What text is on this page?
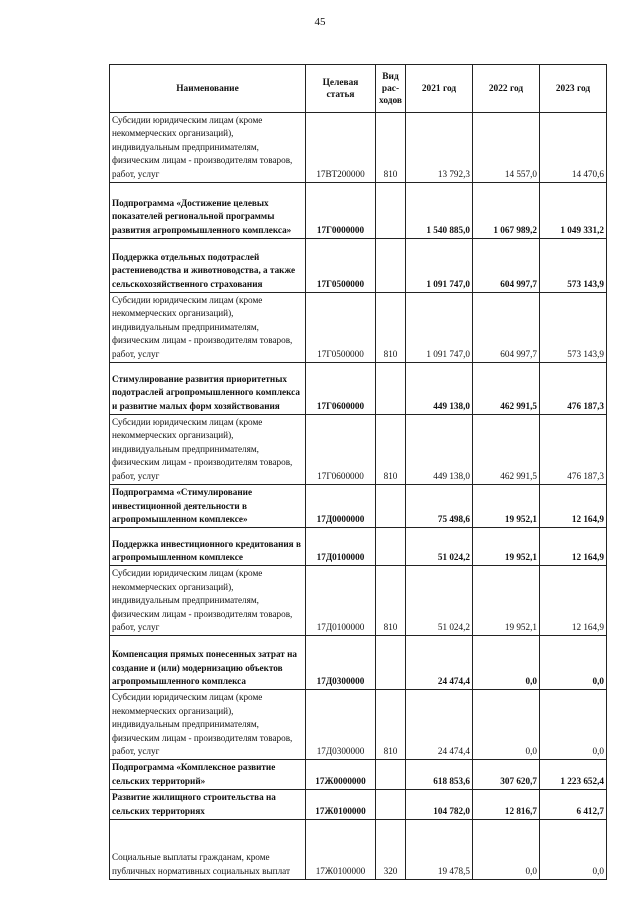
45
Наименование	Целевая статья	Вид рас-ходов	2021 год	2022 год	2023 год
Субсидии юридическим лицам (кроме некоммерческих организаций), индивидуальным предпринимателям, физическим лицам - производителям товаров, работ, услуг	17ВТ200000	810	13 792,3	14 557,0	14 470,6
Подпрограмма «Достижение целевых показателей региональной программы развития агропромышленного комплекса»	17Г0000000		1 540 885,0	1 067 989,2	1 049 331,2
Поддержка отдельных подотраслей растениеводства и животноводства, а также сельскохозяйственного страхования	17Г0500000		1 091 747,0	604 997,7	573 143,9
Субсидии юридическим лицам (кроме некоммерческих организаций), индивидуальным предпринимателям, физическим лицам - производителям товаров, работ, услуг	17Г0500000	810	1 091 747,0	604 997,7	573 143,9
Стимулирование развития приоритетных подотраслей агропромышленного комплекса и развитие малых форм хозяйствования	17Г0600000		449 138,0	462 991,5	476 187,3
Субсидии юридическим лицам (кроме некоммерческих организаций), индивидуальным предпринимателям, физическим лицам - производителям товаров, работ, услуг	17Г0600000	810	449 138,0	462 991,5	476 187,3
Подпрограмма «Стимулирование инвестиционной деятельности в агропромышленном комплексе»	17Д0000000		75 498,6	19 952,1	12 164,9
Поддержка инвестиционного кредитования в агропромышленном комплексе	17Д0100000		51 024,2	19 952,1	12 164,9
Субсидии юридическим лицам (кроме некоммерческих организаций), индивидуальным предпринимателям, физическим лицам - производителям товаров, работ, услуг	17Д0100000	810	51 024,2	19 952,1	12 164,9
Компенсация прямых понесенных затрат на создание и (или) модернизацию объектов агропромышленного комплекса	17Д0300000		24 474,4	0,0	0,0
Субсидии юридическим лицам (кроме некоммерческих организаций), индивидуальным предпринимателям, физическим лицам - производителям товаров, работ, услуг	17Д0300000	810	24 474,4	0,0	0,0
Подпрограмма «Комплексное развитие сельских территорий»	17Ж0000000		618 853,6	307 620,7	1 223 652,4
Развитие жилищного строительства на сельских территориях	17Ж0100000		104 782,0	12 816,7	6 412,7
Социальные выплаты гражданам, кроме публичных нормативных социальных выплат	17Ж0100000	320	19 478,5	0,0	0,0
